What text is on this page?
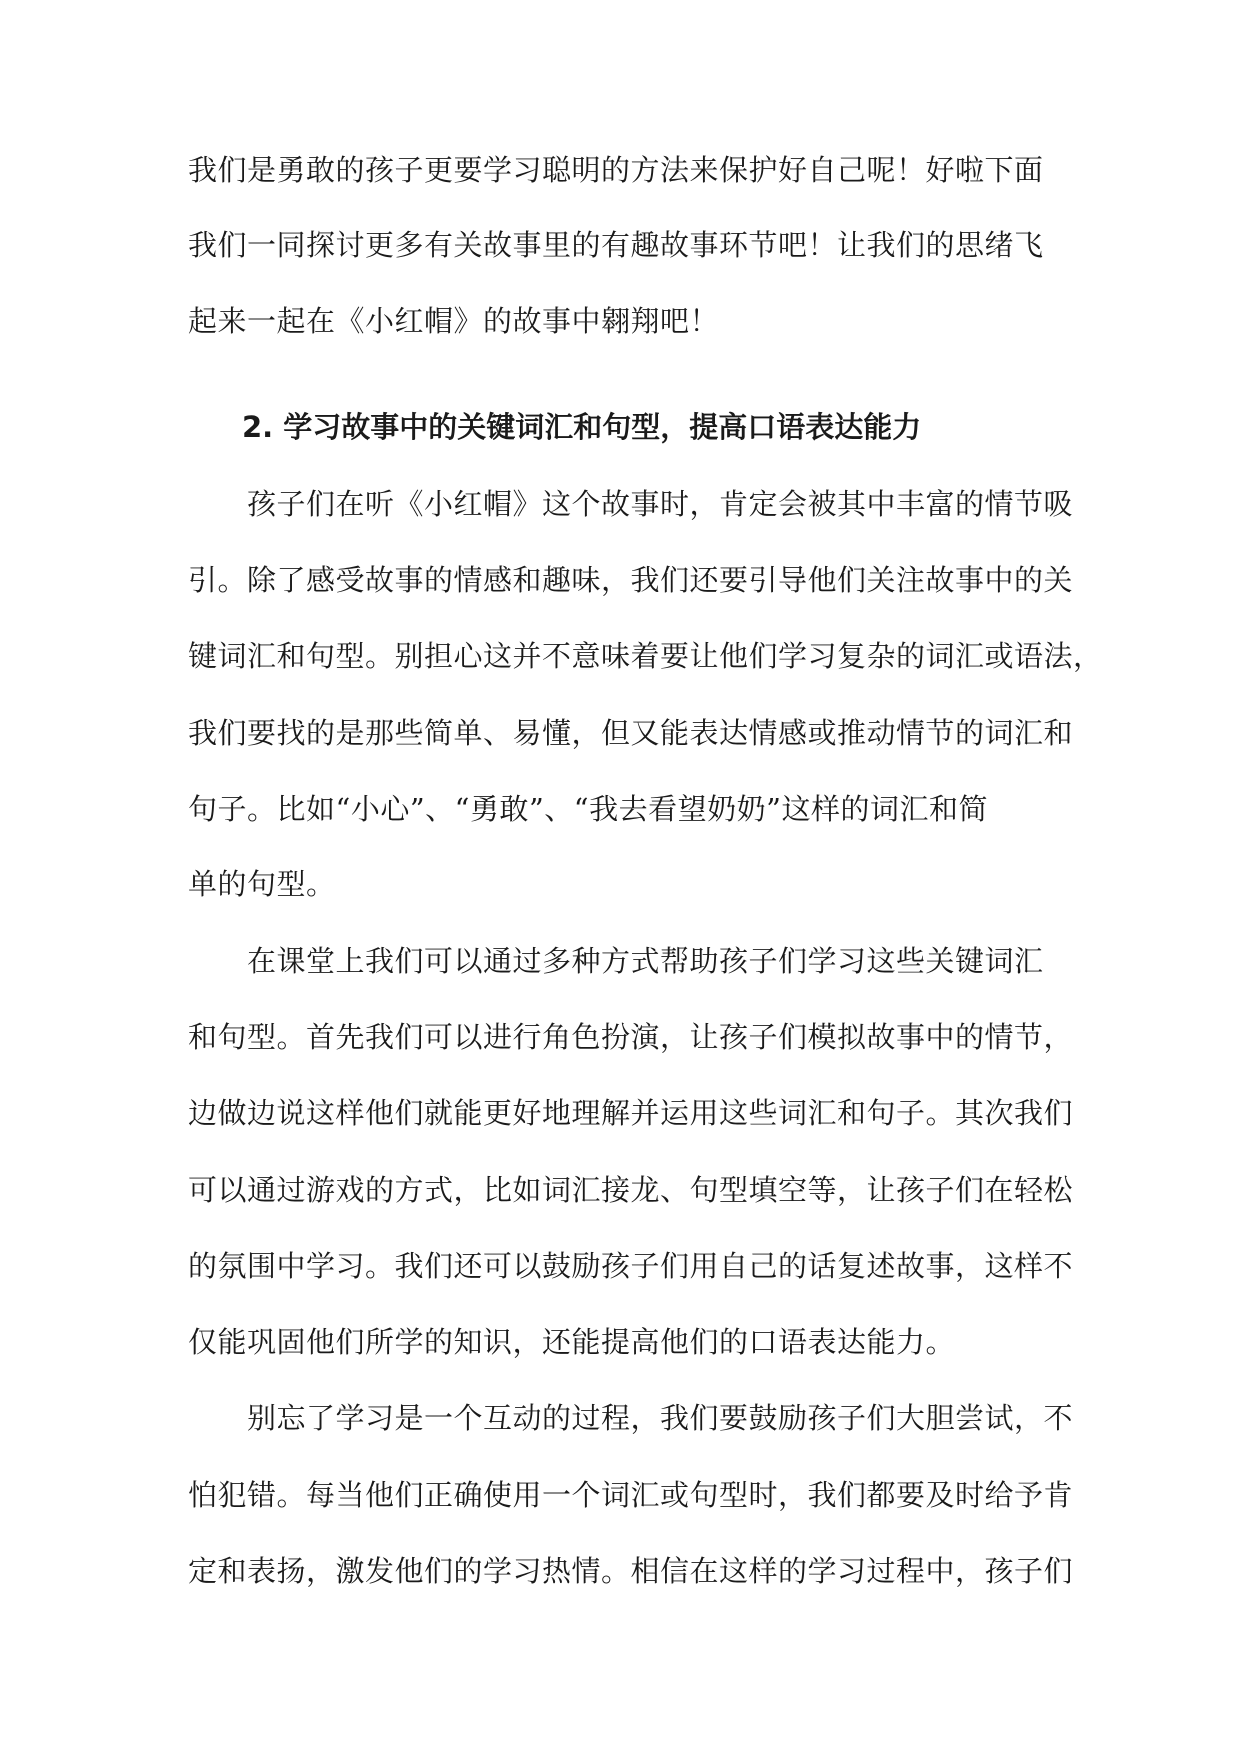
我们是勇敢的孩子更要学习聪明的方法来保护好自己呢！好啦下面
我们一同探讨更多有关故事里的有趣故事环节吧！让我们的思绪飞
起来一起在《小红帽》的故事中翱翔吧！
2. 学习故事中的关键词汇和句型，提高口语表达能力
孩子们在听《小红帽》这个故事时，肯定会被其中丰富的情节吸
引。除了感受故事的情感和趣味，我们还要引导他们关注故事中的关
键词汇和句型。别担心这并不意味着要让他们学习复杂的词汇或语法，
我们要找的是那些简单、易懂，但又能表达情感或推动情节的词汇和
句子。比如“小心”、“勇敢”、“我去看望奶奶”这样的词汇和简
单的句型。
在课堂上我们可以通过多种方式帮助孩子们学习这些关键词汇
和句型。首先我们可以进行角色扮演，让孩子们模拟故事中的情节，
边做边说这样他们就能更好地理解并运用这些词汇和句子。其次我们
可以通过游戏的方式，比如词汇接龙、句型填空等，让孩子们在轻松
的氛围中学习。我们还可以鼓励孩子们用自己的话复述故事，这样不
仅能巩固他们所学的知识，还能提高他们的口语表达能力。
别忘了学习是一个互动的过程，我们要鼓励孩子们大胆尝试，不
怕犯错。每当他们正确使用一个词汇或句型时，我们都要及时给予肯
定和表扬，激发他们的学习热情。相信在这样的学习过程中，孩子们
